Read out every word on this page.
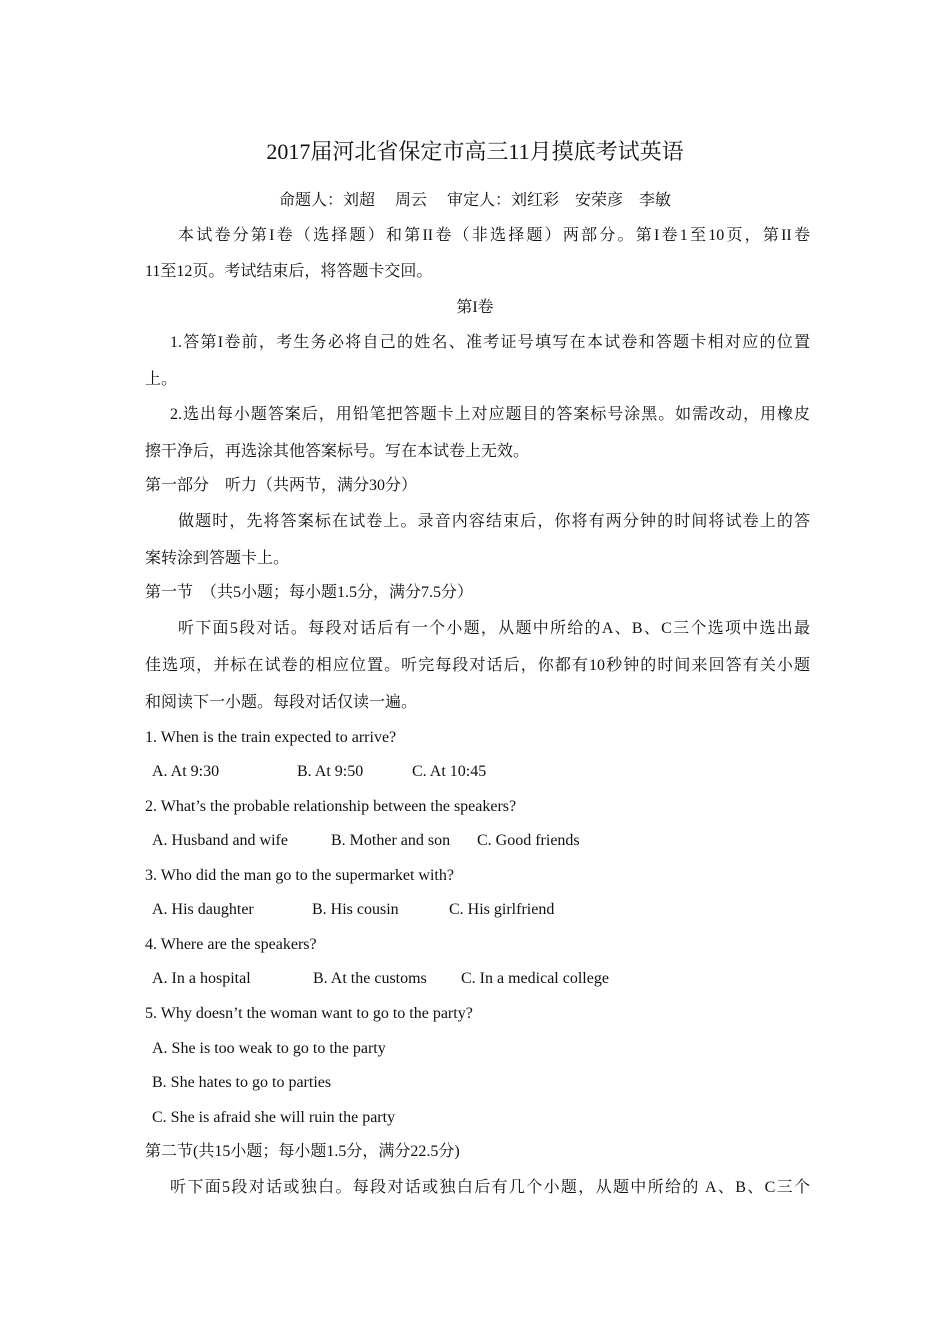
2017届河北省保定市高三11月摸底考试英语
命题人：刘超　 周云　 审定人：刘红彩　安荣彦　李敏
本试卷分第I卷（选择题）和第II卷（非选择题）两部分。第I卷1至10页，第II卷
11至12页。考试结束后，将答题卡交回。
第I卷
1.答第I卷前，考生务必将自己的姓名、准考证号填写在本试卷和答题卡相对应的位置
上。
2.选出每小题答案后，用铅笔把答题卡上对应题目的答案标号涂黑。如需改动，用橡皮
擦干净后，再选涂其他答案标号。写在本试卷上无效。
第一部分　听力（共两节，满分30分）
做题时，先将答案标在试卷上。录音内容结束后，你将有两分钟的时间将试卷上的答
案转涂到答题卡上。
第一节　（共5小题；每小题1.5分，满分7.5分）
听下面5段对话。每段对话后有一个小题，从题中所给的A、B、C三个选项中选出最
佳选项，并标在试卷的相应位置。听完每段对话后，你都有10秒钟的时间来回答有关小题
和阅读下一小题。每段对话仅读一遍。
1. When is the train expected to arrive?
A. At 9:30	B. At 9:50	C. At 10:45
2. What’s the probable relationship between the speakers?
A. Husband and wife	B. Mother and son C. Good friends
3. Who did the man go to the supermarket with?
A. His daughter	B. His cousin	C. His girlfriend
4. Where are the speakers?
A. In a hospital	B. At the customs C. In a medical college
5. Why doesn’t the woman want to go to the party?
A. She is too weak to go to the party
B. She hates to go to parties
C. She is afraid she will ruin the party
第二节(共15小题；每小题1.5分，满分22.5分)
听下面5段对话或独白。每段对话或独白后有几个小题，从题中所给的 A、B、C三个
